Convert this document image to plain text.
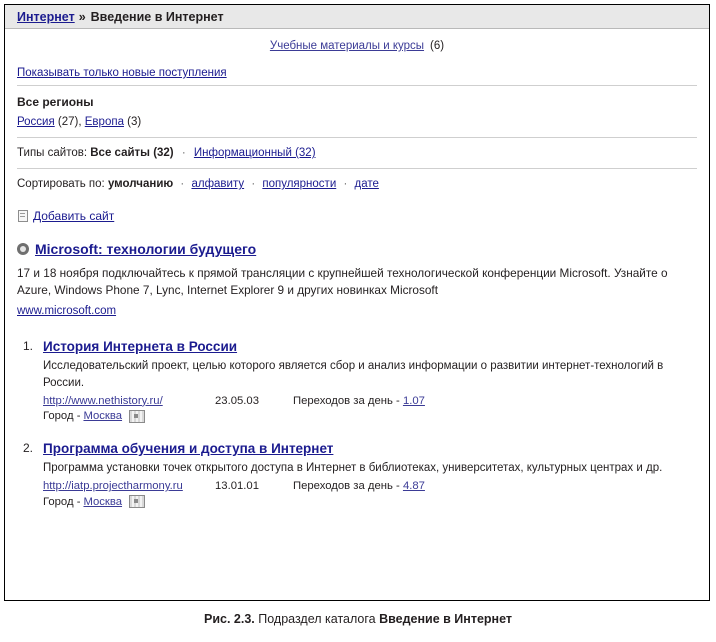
Интернет » Введение в Интернет
Учебные материалы и курсы (6)
Показывать только новые поступления
Все регионы
Россия (27), Европа (3)
Типы сайтов: Все сайты (32) · Информационный (32)
Сортировать по: умолчанию · алфавиту · популярности · дате
Добавить сайт
Microsoft: технологии будущего
17 и 18 ноября подключайтесь к прямой трансляции с крупнейшей технологической конференции Microsoft. Узнайте о Azure, Windows Phone 7, Lync, Internet Explorer 9 и других новинках Microsoft
www.microsoft.com
1. История Интернета в России
Исследовательский проект, целью которого является сбор и анализ информации о развитии интернет-технологий в России.
http://www.nethistory.ru/	23.05.03	Переходов за день - 1.07
Город - Москва
2. Программа обучения и доступа в Интернет
Программа установки точек открытого доступа в Интернет в библиотеках, университетах, культурных центрах и др.
http://iatp.projectharmony.ru	13.01.01	Переходов за день - 4.87
Город - Москва
Рис. 2.3. Подраздел каталога Введение в Интернет
